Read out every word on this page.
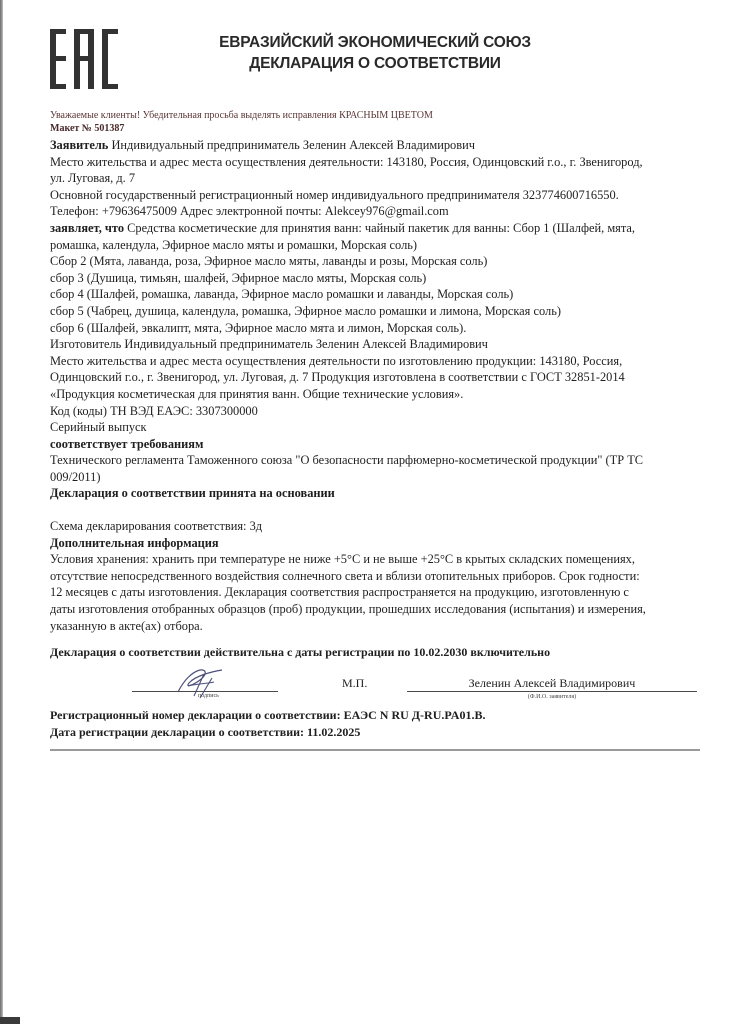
ЕВРАЗИЙСКИЙ ЭКОНОМИЧЕСКИЙ СОЮЗ
ДЕКЛАРАЦИЯ О СООТВЕТСТВИИ
Уважаемые клиенты! Убедительная просьба выделять исправления КРАСНЫМ ЦВЕТОМ
Макет № 501387
Заявитель Индивидуальный предприниматель Зеленин Алексей Владимирович
Место жительства и адрес места осуществления деятельности: 143180, Россия, Одинцовский г.о., г. Звенигород,
ул. Луговая, д. 7
Основной государственный регистрационный номер индивидуального предпринимателя 323774600716550.
Телефон: +79636475009 Адрес электронной почты: Alekcey976@gmail.com
заявляет, что Средства косметические для принятия ванн: чайный пакетик для ванны: Сбор 1 (Шалфей, мята,
ромашка, календула, Эфирное масло мяты и ромашки, Морская соль)
Сбор 2 (Мята, лаванда, роза, Эфирное масло мяты, лаванды и розы, Морская соль)
сбор 3 (Душица, тимьян, шалфей, Эфирное масло мяты, Морская соль)
сбор 4 (Шалфей, ромашка, лаванда, Эфирное масло ромашки и лаванды, Морская соль)
сбор 5 (Чабрец, душица, календула, ромашка, Эфирное масло ромашки и лимона, Морская соль)
сбор 6 (Шалфей, эвкалипт, мята, Эфирное масло мята и лимон, Морская соль).
Изготовитель Индивидуальный предприниматель Зеленин Алексей Владимирович
Место жительства и адрес места осуществления деятельности по изготовлению продукции: 143180, Россия,
Одинцовский г.о., г. Звенигород, ул. Луговая, д. 7 Продукция изготовлена в соответствии с ГОСТ 32851-2014
«Продукция косметическая для принятия ванн. Общие технические условия».
Код (коды) ТН ВЭД ЕАЭС: 3307300000
Серийный выпуск
соответствует требованиям
Технического регламента Таможенного союза "О безопасности парфюмерно-косметической продукции" (ТР ТС
009/2011)
Декларация о соответствии принята на основании
Схема декларирования соответствия: 3д
Дополнительная информация
Условия хранения: хранить при температуре не ниже +5°С и не выше +25°С в крытых складских помещениях,
отсутствие непосредственного воздействия солнечного света и вблизи отопительных приборов. Срок годности:
12 месяцев с даты изготовления. Декларация соответствия распространяется на продукцию, изготовленную с
даты изготовления отобранных образцов (проб) продукции, прошедших исследования (испытания) и измерения,
указанную в акте(ах) отбора.
Декларация о соответствии действительна с даты регистрации по 10.02.2030 включительно
подпись
М.П.	Зеленин Алексей Владимирович
(Ф.И.О. заявителя)
Регистрационный номер декларации о соответствии: ЕАЭС N RU Д-RU.PA01.B.
Дата регистрации декларации о соответствии: 11.02.2025
